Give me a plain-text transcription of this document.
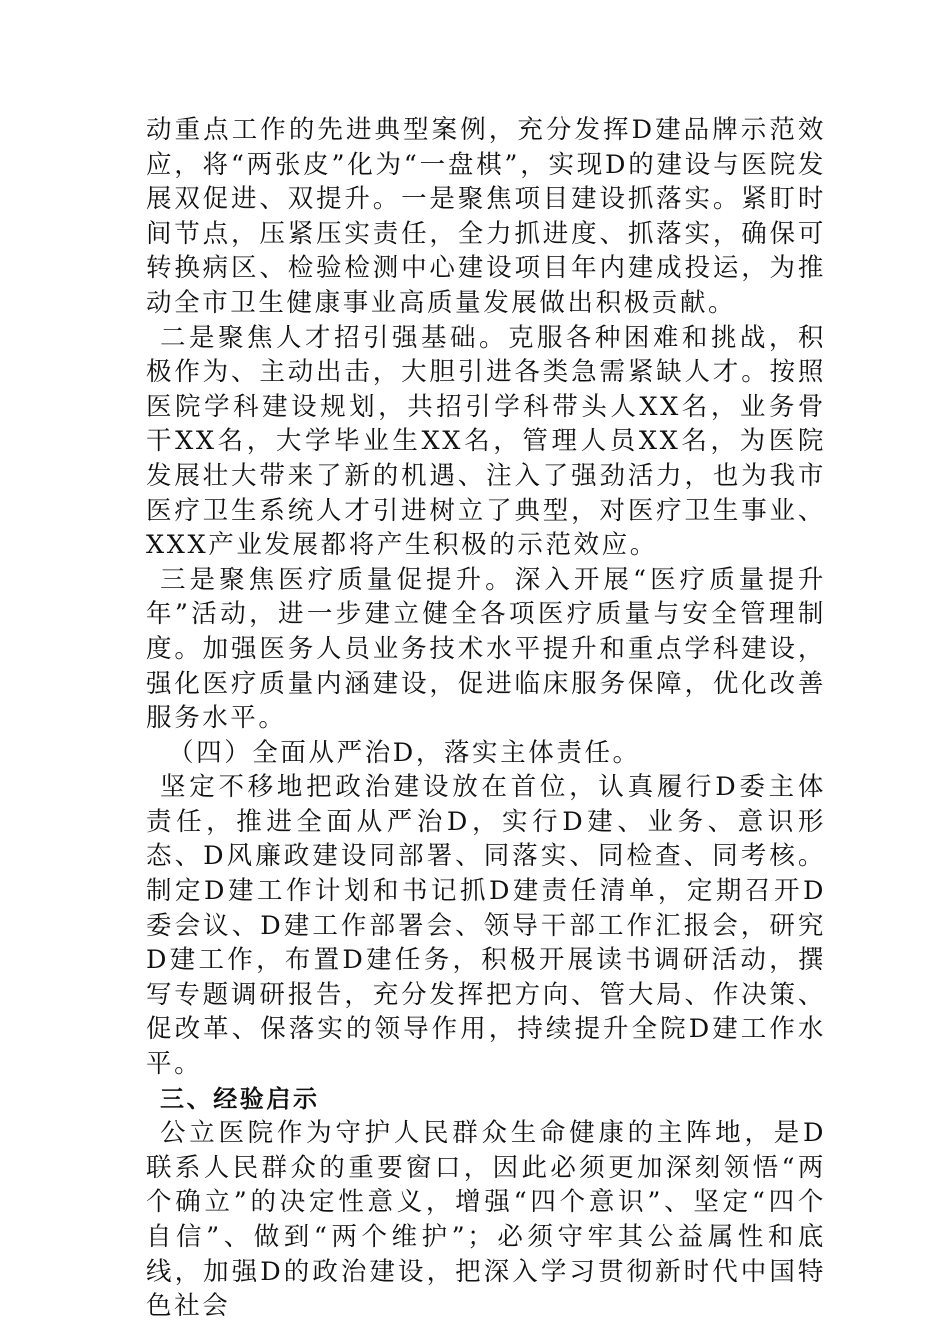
动重点工作的先进典型案例，充分发挥D建品牌示范效应，将“两张皮”化为“一盘棋”，实现D的建设与医院发展双促进、双提升。一是聚焦项目建设抓落实。紧盯时间节点，压紧压实责任，全力抓进度、抓落实，确保可转换病区、检验检测中心建设项目年内建成投运，为推动全市卫生健康事业高质量发展做出积极贡献。

二是聚焦人才招引强基础。克服各种困难和挑战，积极作为、主动出击，大胆引进各类急需紧缺人才。按照医院学科建设规划，共招引学科带头人XX名，业务骨干XX名，大学毕业生XX名，管理人员XX名，为医院发展壮大带来了新的机遇、注入了强劲活力，也为我市医疗卫生系统人才引进树立了典型，对医疗卫生事业、XXX产业发展都将产生积极的示范效应。

三是聚焦医疗质量促提升。深入开展“医疗质量提升年”活动，进一步建立健全各项医疗质量与安全管理制度。加强医务人员业务技术水平提升和重点学科建设，强化医疗质量内涵建设，促进临床服务保障，优化改善服务水平。

（四）全面从严治D，落实主体责任。

坚定不移地把政治建设放在首位，认真履行D委主体责任，推进全面从严治D，实行D建、业务、意识形态、D风廉政建设同部署、同落实、同检查、同考核。制定D建工作计划和书记抓D建责任清单，定期召开D委会议、D建工作部署会、领导干部工作汇报会，研究D建工作，布置D建任务，积极开展读书调研活动，撰写专题调研报告，充分发挥把方向、管大局、作决策、促改革、保落实的领导作用，持续提升全院D建工作水平。

三、经验启示

公立医院作为守护人民群众生命健康的主阵地，是D联系人民群众的重要窗口，因此必须更加深刻领悟“两个确立”的决定性意义，增强“四个意识”、坚定“四个自信”、做到“两个维护”；必须守牢其公益属性和底线，加强D的政治建设，把深入学习贯彻新时代中国特色社会
